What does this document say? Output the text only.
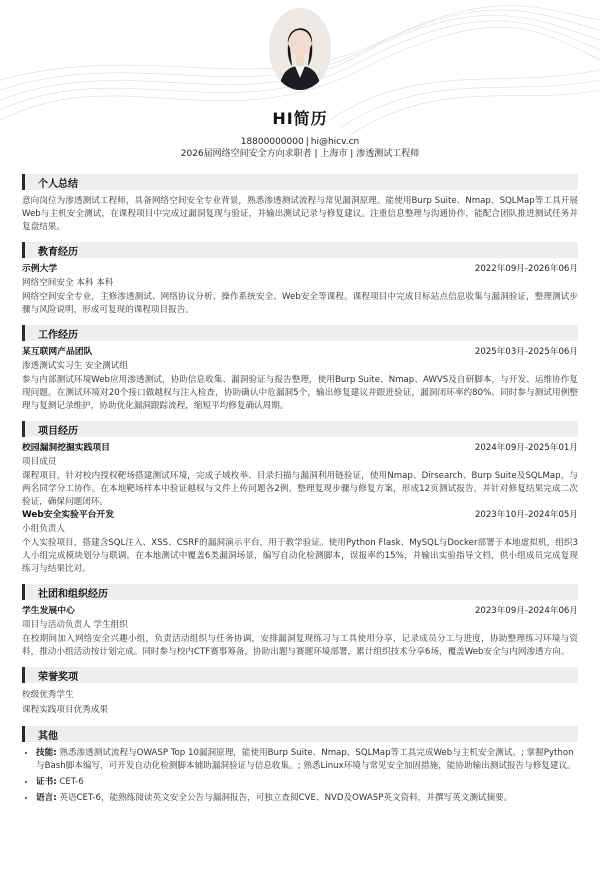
HI简历
18800000000 | hi@hicv.cn
2026届网络空间安全方向求职者 | 上海市 | 渗透测试工程师
个人总结

意向岗位为渗透测试工程师，具备网络空间安全专业背景，熟悉渗透测试流程与常见漏洞原理。能使用Burp Suite、Nmap、SQLMap等工具开展Web与主机安全测试，在课程项目中完成过漏洞复现与验证，并输出测试记录与修复建议。注重信息整理与沟通协作，能配合团队推进测试任务并复盘结果。

教育经历
示例大学	2022年09月-2026年06月
网络空间安全 本科 本科

网络空间安全专业，主修渗透测试、网络协议分析、操作系统安全、Web安全等课程。课程项目中完成目标站点信息收集与漏洞验证，整理测试步骤与风险说明，形成可复现的课程项目报告。

工作经历
某互联网产品团队	2025年03月-2025年06月
渗透测试实习生 安全测试组

参与内部测试环境Web应用渗透测试，协助信息收集、漏洞验证与报告整理，使用Burp Suite、Nmap、AWVS及自研脚本，与开发、运维协作复现问题。在测试环境对20个接口做越权与注入检查，协助确认中危漏洞5个，输出修复建议并跟进验证，漏洞闭环率约80%。同时参与测试用例整理与复测记录维护，协助优化漏洞跟踪流程，缩短平均修复确认周期。

项目经历
校园漏洞挖掘实践项目	2024年09月-2025年01月
项目成员

课程项目，针对校内授权靶场搭建测试环境，完成子域枚举、目录扫描与漏洞利用链验证，使用Nmap、Dirsearch、Burp Suite及SQLMap，与两名同学分工协作。在本地靶场样本中验证越权与文件上传问题各2例，整理复现步骤与修复方案，形成12页测试报告，并针对修复结果完成二次验证，确保问题闭环。

Web安全实验平台开发	2023年10月-2024年05月
小组负责人

个人实验项目，搭建含SQL注入、XSS、CSRF的漏洞演示平台，用于教学验证。使用Python Flask、MySQL与Docker部署于本地虚拟机，组织3人小组完成模块划分与联调。在本地测试中覆盖6类漏洞场景，编写自动化检测脚本，误报率约15%，并输出实验指导文档，供小组成员完成复现练习与结果比对。

社团和组织经历
学生发展中心	2023年09月-2024年06月
项目与活动负责人 学生组织

在校期间加入网络安全兴趣小组，负责活动组织与任务协调，安排漏洞复现练习与工具使用分享，记录成员分工与进度，协助整理练习环境与资料，推动小组活动按计划完成。同时参与校内CTF赛事筹备，协助出题与赛题环境部署，累计组织技术分享6场，覆盖Web安全与内网渗透方向。

荣誉奖项
校级优秀学生
课程实践项目优秀成果
其他
• 技能: 熟悉渗透测试流程与OWASP Top 10漏洞原理，能使用Burp Suite、Nmap、SQLMap等工具完成Web与主机安全测试。; 掌握Python与Bash脚本编写，可开发自动化检测脚本辅助漏洞验证与信息收集。; 熟悉Linux环境与常见安全加固措施，能协助输出测试报告与修复建议。
• 证书: CET-6
• 语言: 英语CET-6，能熟练阅读英文安全公告与漏洞报告，可独立查阅CVE、NVD及OWASP英文资料，并撰写英文测试摘要。
